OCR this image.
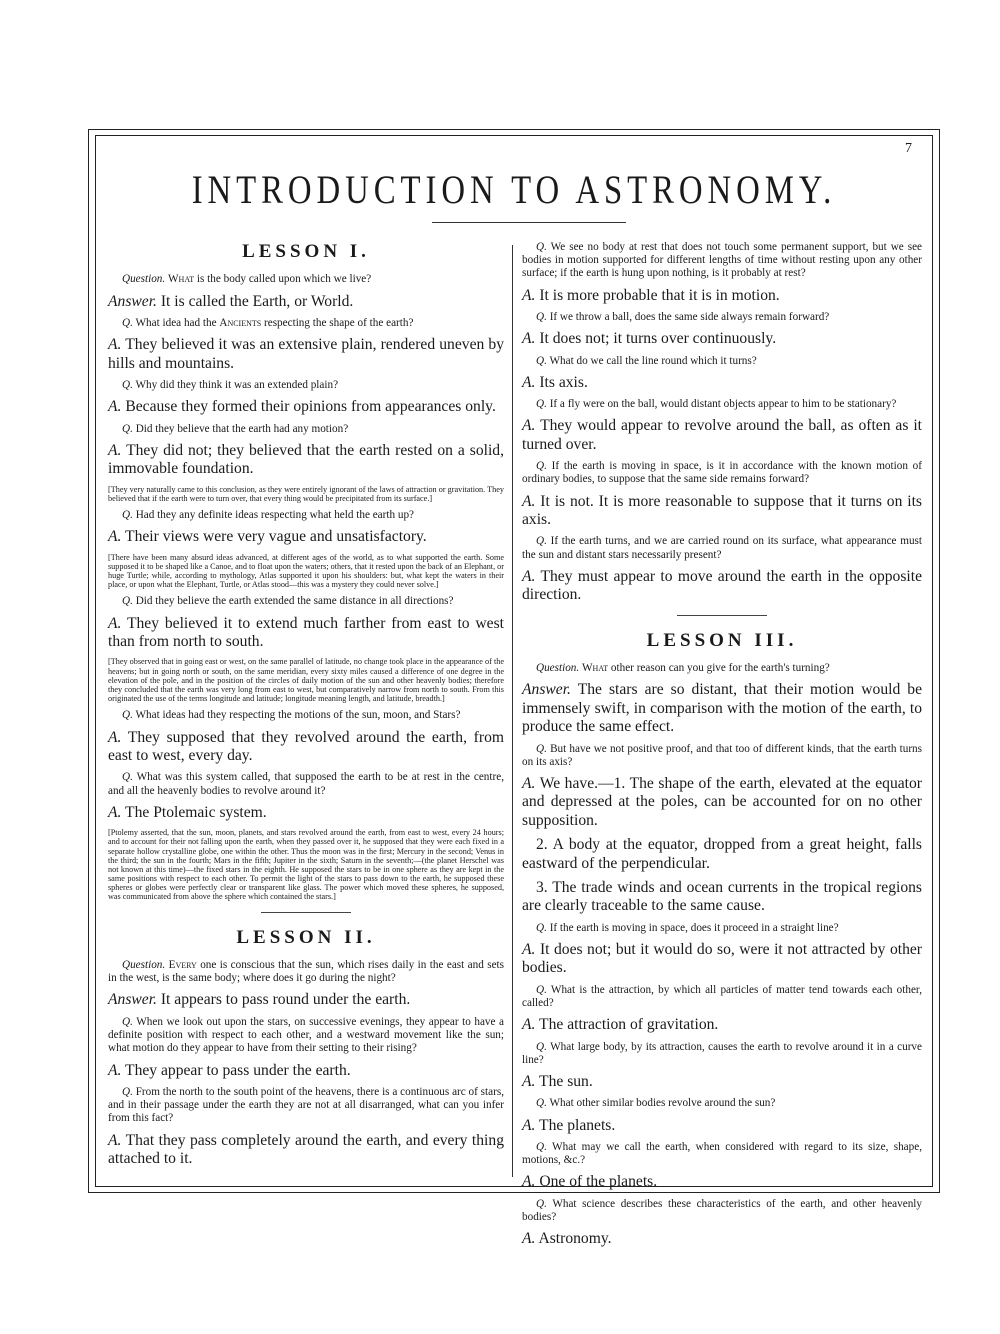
7
INTRODUCTION TO ASTRONOMY.
LESSON I.

Question. What is the body called upon which we live?

Answer. It is called the Earth, or World.

Q. What idea had the Ancients respecting the shape of the earth?

A. They believed it was an extensive plain, rendered uneven by hills and mountains.

Q. Why did they think it was an extended plain?

A. Because they formed their opinions from appearances only.

Q. Did they believe that the earth had any motion?

A. They did not; they believed that the earth rested on a solid, immovable foundation.

[They very naturally came to this conclusion, as they were entirely ignorant of the laws of attraction or gravitation. They believed that if the earth were to turn over, that every thing would be precipitated from its surface.]

Q. Had they any definite ideas respecting what held the earth up?

A. Their views were very vague and unsatisfactory.

[There have been many absurd ideas advanced, at different ages of the world, as to what supported the earth. Some supposed it to be shaped like a Canoe, and to float upon the waters; others, that it rested upon the back of an Elephant, or huge Turtle; while, according to mythology, Atlas supported it upon his shoulders: but, what kept the waters in their place, or upon what the Elephant, Turtle, or Atlas stood—this was a mystery they could never solve.]

Q. Did they believe the earth extended the same distance in all directions?

A. They believed it to extend much farther from east to west than from north to south.

[They observed that in going east or west, on the same parallel of latitude, no change took place in the appearance of the heavens; but in going north or south, on the same meridian, every sixty miles caused a difference of one degree in the elevation of the pole, and in the position of the circles of daily motion of the sun and other heavenly bodies; therefore they concluded that the earth was very long from east to west, but comparatively narrow from north to south. From this originated the use of the terms longitude and latitude; longitude meaning length, and latitude, breadth.]

Q. What ideas had they respecting the motions of the sun, moon, and Stars?

A. They supposed that they revolved around the earth, from east to west, every day.

Q. What was this system called, that supposed the earth to be at rest in the centre, and all the heavenly bodies to revolve around it?

A. The Ptolemaic system.

[Ptolemy asserted, that the sun, moon, planets, and stars revolved around the earth, from east to west, every 24 hours; and to account for their not falling upon the earth, when they passed over it, he supposed that they were each fixed in a separate hollow crystalline globe, one within the other. Thus the moon was in the first; Mercury in the second; Venus in the third; the sun in the fourth; Mars in the fifth; Jupiter in the sixth; Saturn in the seventh;—(the planet Herschel was not known at this time)—the fixed stars in the eighth. He supposed the stars to be in one sphere as they are kept in the same positions with respect to each other. To permit the light of the stars to pass down to the earth, he supposed these spheres or globes were perfectly clear or transparent like glass. The power which moved these spheres, he supposed, was communicated from above the sphere which contained the stars.]

LESSON II.

Question. Every one is conscious that the sun, which rises daily in the east and sets in the west, is the same body; where does it go during the night?

Answer. It appears to pass round under the earth.

Q. When we look out upon the stars, on successive evenings, they appear to have a definite position with respect to each other, and a westward movement like the sun; what motion do they appear to have from their setting to their rising?

A. They appear to pass under the earth.

Q. From the north to the south point of the heavens, there is a continuous arc of stars, and in their passage under the earth they are not at all disarranged, what can you infer from this fact?

A. That they pass completely around the earth, and every thing attached to it.

Q. We see no body at rest that does not touch some permanent support, but we see bodies in motion supported for different lengths of time without resting upon any other surface; if the earth is hung upon nothing, is it probably at rest?

A. It is more probable that it is in motion.

Q. If we throw a ball, does the same side always remain forward?

A. It does not; it turns over continuously.

Q. What do we call the line round which it turns?

A. Its axis.

Q. If a fly were on the ball, would distant objects appear to him to be stationary?

A. They would appear to revolve around the ball, as often as it turned over.

Q. If the earth is moving in space, is it in accordance with the known motion of ordinary bodies, to suppose that the same side remains forward?

A. It is not. It is more reasonable to suppose that it turns on its axis.

Q. If the earth turns, and we are carried round on its surface, what appearance must the sun and distant stars necessarily present?

A. They must appear to move around the earth in the opposite direction.

LESSON III.

Question. What other reason can you give for the earth's turning?

Answer. The stars are so distant, that their motion would be immensely swift, in comparison with the motion of the earth, to produce the same effect.

Q. But have we not positive proof, and that too of different kinds, that the earth turns on its axis?

A. We have.—1. The shape of the earth, elevated at the equator and depressed at the poles, can be accounted for on no other supposition.

2. A body at the equator, dropped from a great height, falls eastward of the perpendicular.

3. The trade winds and ocean currents in the tropical regions are clearly traceable to the same cause.

Q. If the earth is moving in space, does it proceed in a straight line?

A. It does not; but it would do so, were it not attracted by other bodies.

Q. What is the attraction, by which all particles of matter tend towards each other, called?

A. The attraction of gravitation.

Q. What large body, by its attraction, causes the earth to revolve around it in a curve line?

A. The sun.

Q. What other similar bodies revolve around the sun?

A. The planets.

Q. What may we call the earth, when considered with regard to its size, shape, motions, &c.?

A. One of the planets.

Q. What science describes these characteristics of the earth, and other heavenly bodies?

A. Astronomy.
